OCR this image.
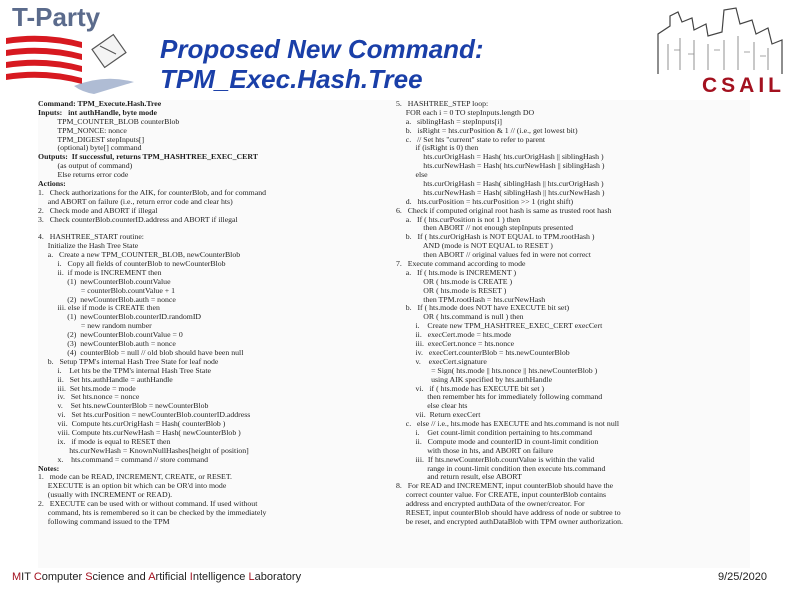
T-Party
Proposed New Command:
TPM_Exec.Hash.Tree	CSAIL
Command: TPM_Execute.Hash.Tree
Inputs:   int authHandle, byte mode
TPM_COUNTER_BLOB counterBlob
TPM_NONCE: nonce
TPM_DIGEST stepInputs[]
(optional) byte[] command
Outputs:  If successful, returns TPM_HASHTREE_EXEC_CERT
(as output of command)
Else returns error code
Actions:
1.   Check authorizations for the AIK, for counterBlob, and for command
and ABORT on failure (i.e., return error code and clear hts)
2.   Check mode and ABORT if illegal
3.   Check counterBlob.counterID.address and ABORT if illegal
4.   HASHTREE_START routine:
Initialize the Hash Tree State
a.   Create a new TPM_COUNTER_BLOB, newCounterBlob
i.   Copy all fields of counterBlob to newCounterBlob
ii.  if mode is INCREMENT then
(1)  newCounterBlob.countValue
= counterBlob.countValue + 1
(2)  newCounterBlob.auth = nonce
iii. else if mode is CREATE then
(1)  newCounterBlob.counterID.randomID
= new random number
(2)  newCounterBlob.countValue = 0
(3)  newCounterBlob.auth = nonce
(4)  counterBlob = null // old blob should have been null
b.   Setup TPM's internal Hash Tree State for leaf node
i.    Let hts be the TPM's internal Hash Tree State
ii.   Set hts.authHandle = authHandle
iii.  Set hts.mode = mode
iv.   Set hts.nonce = nonce
v.    Set hts.newCounterBlob = newCounterBlob
vi.   Set hts.curPosition = newCounterBlob.counterID.address
vii.  Compute hts.curOrigHash = Hash( counterBlob )
viii. Compute hts.curNewHash = Hash( newCounterBlob )
ix.   if mode is equal to RESET then
hts.curNewHash = KnownNullHashes[height of position]
x.    hts.command = command // store command
Notes:
1.   mode can be READ, INCREMENT, CREATE, or RESET.
EXECUTE is an option bit which can be OR'd into mode
(usually with INCREMENT or READ).
2.   EXECUTE can be used with or without command. If used without
command, hts is remembered so it can be checked by the immediately
following command issued to the TPM
5.   HASHTREE_STEP loop:
FOR each i = 0 TO stepInputs.length DO
a.   siblingHash = stepInputs[i]
b.   isRight = hts.curPosition & 1 // (i.e., get lowest bit)
c.   // Set hts "current" state to refer to parent
if (isRight is 0) then
hts.curOrigHash = Hash( hts.curOrigHash || siblingHash )
hts.curNewHash = Hash( hts.curNewHash || siblingHash )
else
hts.curOrigHash = Hash( siblingHash || hts.curOrigHash )
hts.curNewHash = Hash( siblingHash || hts.curNewHash )
d.   hts.curPosition = hts.curPosition >> 1 (right shift)
6.   Check if computed original root hash is same as trusted root hash
a.   If ( hts.curPosition is not 1 ) then
then ABORT // not enough stepInputs presented
b.   If ( hts.curOrigHash is NOT EQUAL to TPM.rootHash )
AND (mode is NOT EQUAL to RESET )
then ABORT // original values fed in were not correct
7.   Execute command according to mode
a.   If ( hts.mode is INCREMENT )
OR ( hts.mode is CREATE )
OR ( hts.mode is RESET )
then TPM.rootHash = hts.curNewHash
b.   If ( hts.mode does NOT have EXECUTE bit set)
OR ( hts.command is null ) then
i.    Create new TPM_HASHTREE_EXEC_CERT execCert
ii.   execCert.mode = hts.mode
iii.  execCert.nonce = hts.nonce
iv.   execCert.counterBlob = hts.newCounterBlob
v.    execCert.signature
= Sign( hts.mode || hts.nonce || hts.newCounterBlob )
using AIK specified by hts.authHandle
vi.   if ( hts.mode has EXECUTE bit set )
then remember hts for immediately following command
else clear hts
vii.  Return execCert
c.   else // i.e., hts.mode has EXECUTE and hts.command is not null
i.    Get count-limit condition pertaining to hts.command
ii.   Compute mode and counterID in count-limit condition
with those in hts, and ABORT on failure
iii.  If hts.newCounterBlob.countValue is within the valid
range in count-limit condition then execute hts.command
and return result, else ABORT
8.   For READ and INCREMENT, input counterBlob should have the
correct counter value. For CREATE, input counterBlob contains
address and encrypted authData of the owner/creator. For
RESET, input counterBlob should have address of node or subtree to
be reset, and encrypted authDataBlob with TPM owner authorization.
MIT Computer Science and Artificial Intelligence Laboratory	9/25/2020
